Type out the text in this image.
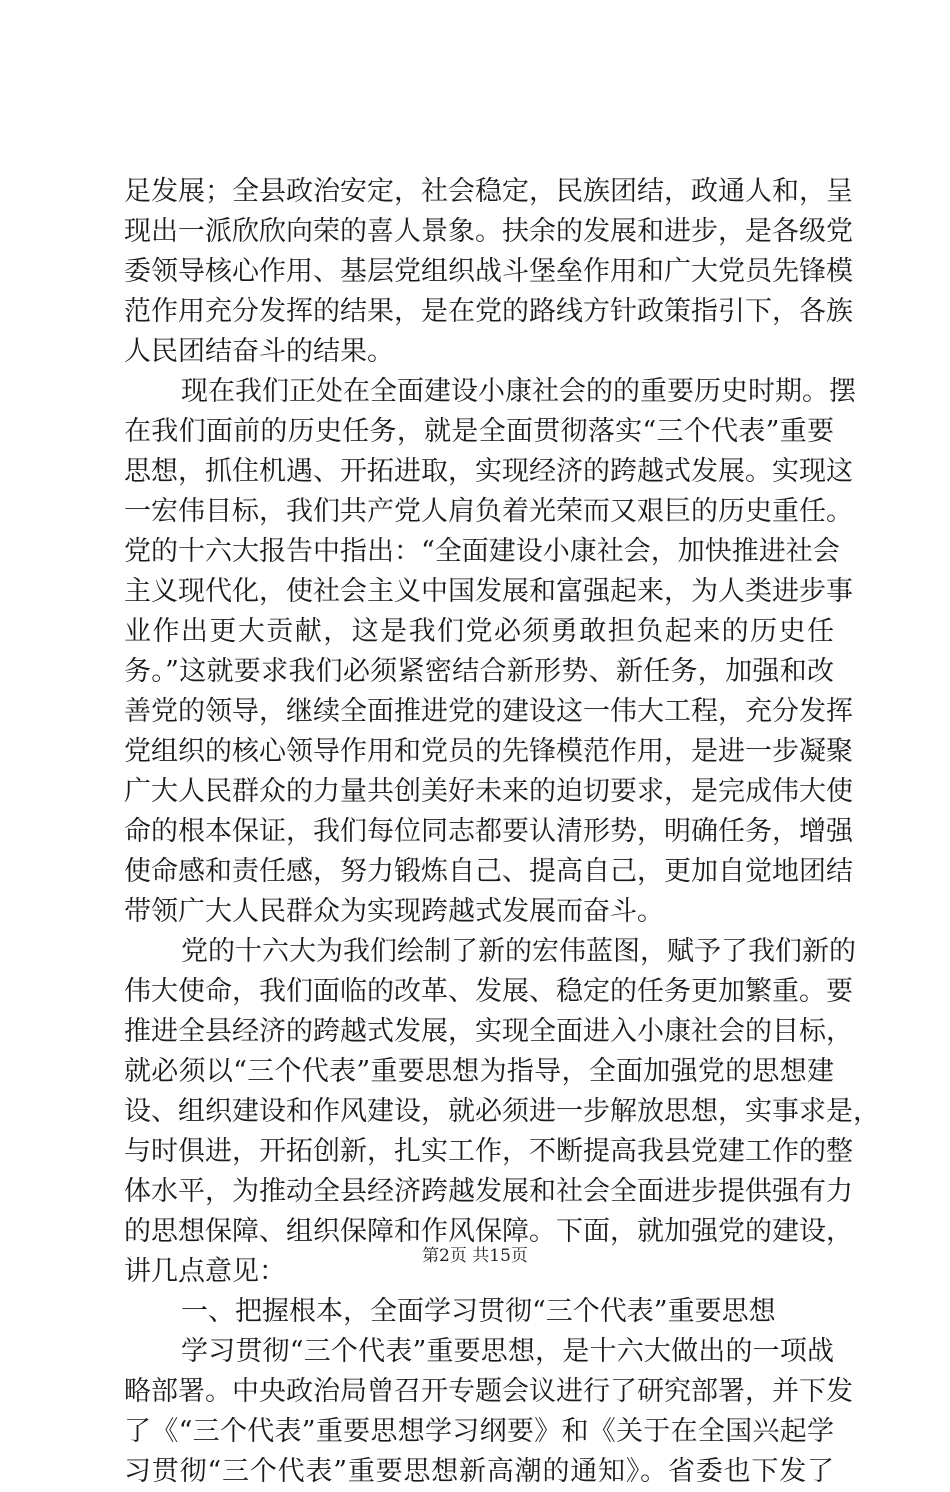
足发展；全县政治安定，社会稳定，民族团结，政通人和，呈
现出一派欣欣向荣的喜人景象。扶余的发展和进步，是各级党
委领导核心作用、基层党组织战斗堡垒作用和广大党员先锋模
范作用充分发挥的结果，是在党的路线方针政策指引下，各族
人民团结奋斗的结果。
现在我们正处在全面建设小康社会的的重要历史时期。摆
在我们面前的历史任务，就是全面贯彻落实“三个代表”重要
思想，抓住机遇、开拓进取，实现经济的跨越式发展。实现这
一宏伟目标，我们共产党人肩负着光荣而又艰巨的历史重任。
党的十六大报告中指出：“全面建设小康社会，加快推进社会
主义现代化，使社会主义中国发展和富强起来，为人类进步事
业作出更大贡献，这是我们党必须勇敢担负起来的历史任
务。”这就要求我们必须紧密结合新形势、新任务，加强和改
善党的领导，继续全面推进党的建设这一伟大工程，充分发挥
党组织的核心领导作用和党员的先锋模范作用，是进一步凝聚
广大人民群众的力量共创美好未来的迫切要求，是完成伟大使
命的根本保证，我们每位同志都要认清形势，明确任务，增强
使命感和责任感，努力锻炼自己、提高自己，更加自觉地团结
带领广大人民群众为实现跨越式发展而奋斗。
党的十六大为我们绘制了新的宏伟蓝图，赋予了我们新的
伟大使命，我们面临的改革、发展、稳定的任务更加繁重。要
推进全县经济的跨越式发展，实现全面进入小康社会的目标，
就必须以“三个代表”重要思想为指导，全面加强党的思想建
设、组织建设和作风建设，就必须进一步解放思想，实事求是，
与时俱进，开拓创新，扎实工作，不断提高我县党建工作的整
体水平，为推动全县经济跨越发展和社会全面进步提供强有力
的思想保障、组织保障和作风保障。下面，就加强党的建设，
讲几点意见：
一、把握根本，全面学习贯彻“三个代表”重要思想
学习贯彻“三个代表”重要思想，是十六大做出的一项战
略部署。中央政治局曾召开专题会议进行了研究部署，并下发
了《“三个代表”重要思想学习纲要》和《关于在全国兴起学
习贯彻“三个代表”重要思想新高潮的通知》。省委也下发了
第2页 共15页
